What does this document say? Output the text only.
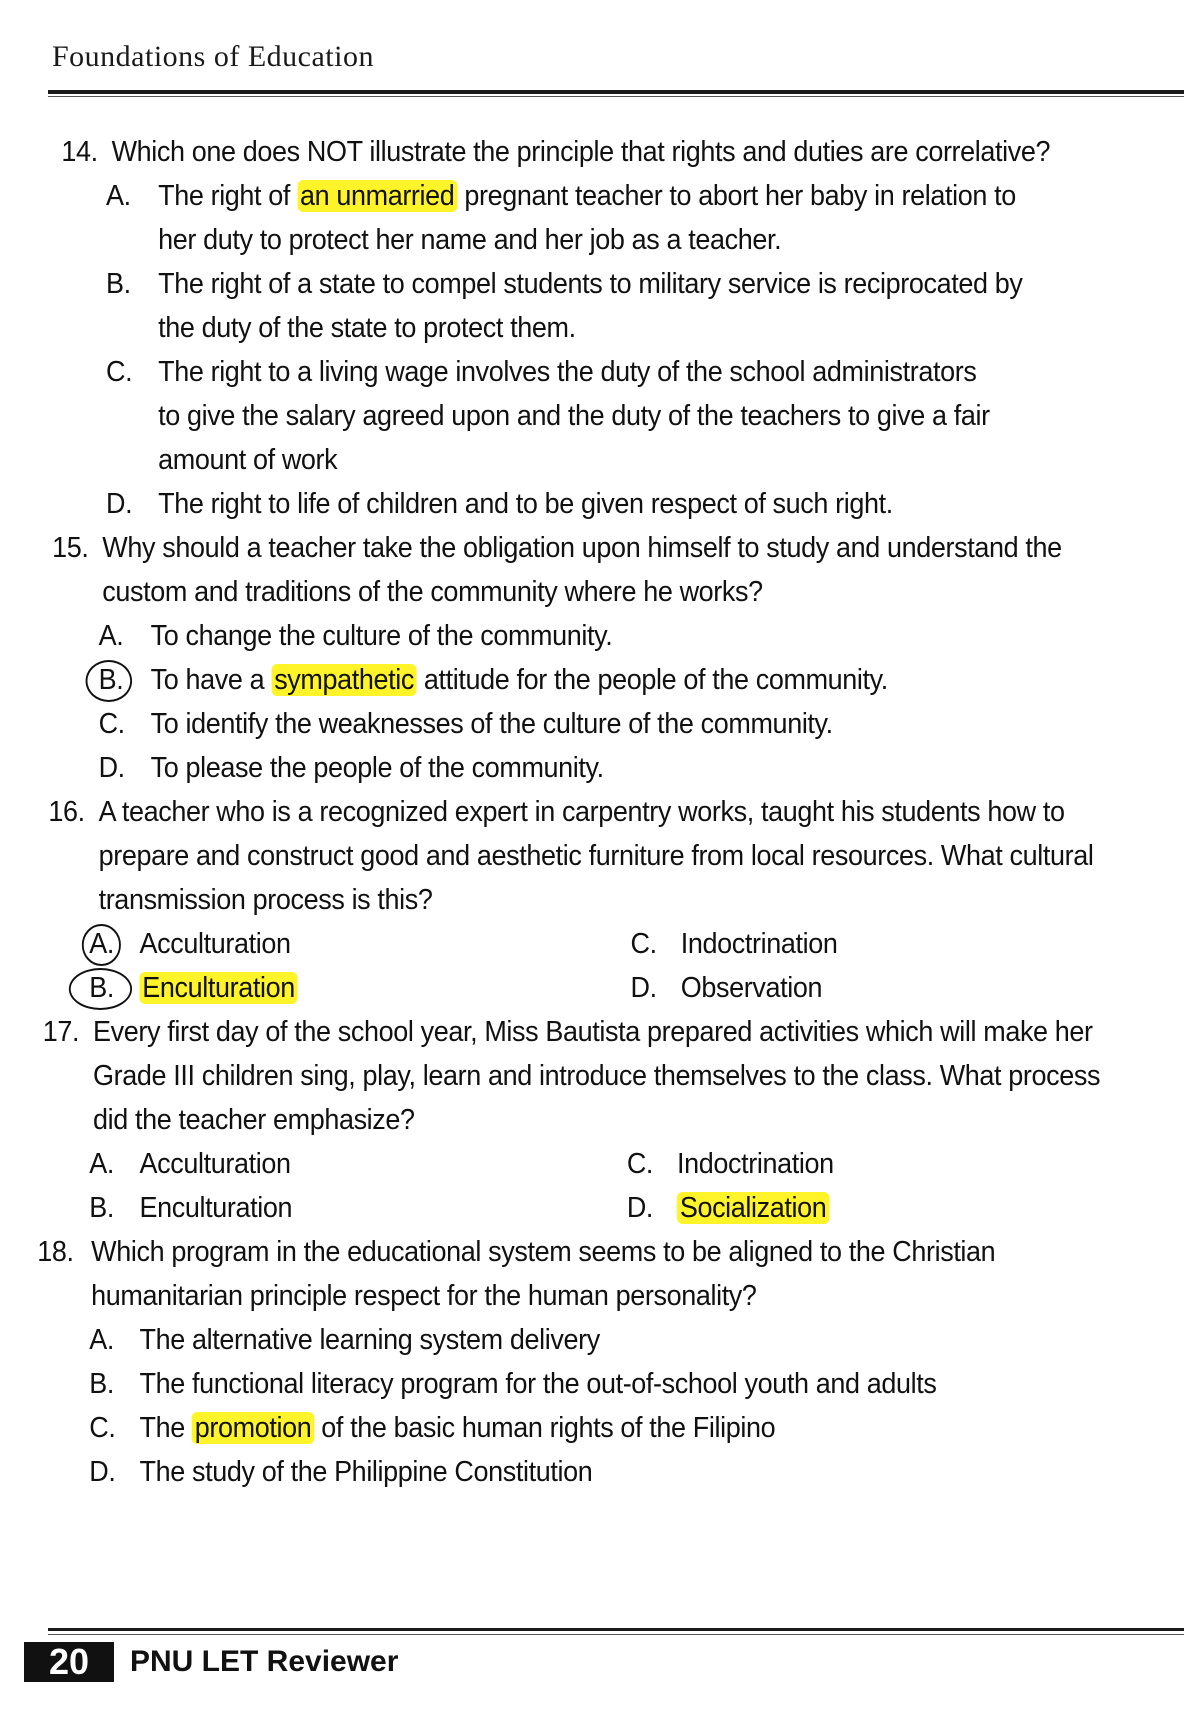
Foundations of Education
14. Which one does NOT illustrate the principle that rights and duties are correlative?
A. The right of an unmarried pregnant teacher to abort her baby in relation to her duty to protect her name and her job as a teacher.
B. The right of a state to compel students to military service is reciprocated by the duty of the state to protect them.
C. The right to a living wage involves the duty of the school administrators to give the salary agreed upon and the duty of the teachers to give a fair amount of work
D. The right to life of children and to be given respect of such right.
15. Why should a teacher take the obligation upon himself to study and understand the custom and traditions of the community where he works?
A. To change the culture of the community.
B. To have a sympathetic attitude for the people of the community.
C. To identify the weaknesses of the culture of the community.
D. To please the people of the community.
16. A teacher who is a recognized expert in carpentry works, taught his students how to prepare and construct good and aesthetic furniture from local resources. What cultural transmission process is this?
A. Acculturation	C. Indoctrination
B. Enculturation	D. Observation
17. Every first day of the school year, Miss Bautista prepared activities which will make her Grade III children sing, play, learn and introduce themselves to the class. What process did the teacher emphasize?
A. Acculturation	C. Indoctrination
B. Enculturation	D. Socialization
18. Which program in the educational system seems to be aligned to the Christian humanitarian principle respect for the human personality?
A. The alternative learning system delivery
B. The functional literacy program for the out-of-school youth and adults
C. The promotion of the basic human rights of the Filipino
D. The study of the Philippine Constitution
20	PNU LET Reviewer
